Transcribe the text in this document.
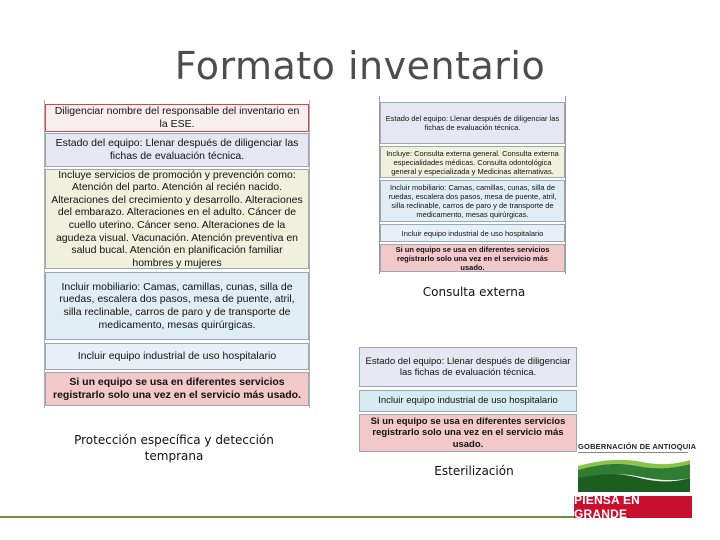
Formato inventario
Diligenciar nombre del responsable del inventario en la ESE.
Estado del equipo: Llenar después de diligenciar las fichas de evaluación técnica.
Incluye servicios de promoción y prevención como: Atención del parto. Atención al recién nacido. Alteraciones del crecimiento y desarrollo. Alteraciones del embarazo. Alteraciones en el adulto. Cáncer de cuello uterino. Cáncer seno. Alteraciones de la agudeza visual. Vacunación. Atención preventiva en salud bucal. Atención en planificación familiar hombres y mujeres
Incluir mobiliario: Camas, camillas, cunas, silla de ruedas, escalera dos pasos, mesa de puente, atril, silla reclinable, carros de paro y de transporte de medicamento, mesas quirúrgicas.
Incluir equipo industrial de uso hospitalario
Si un equipo se usa en diferentes servicios registrarlo solo una vez en el servicio más usado.
Protección específica y detección temprana
Estado del equipo: Llenar después de diligenciar las fichas de evaluación técnica.
Incluye: Consulta externa general. Consulta externa especialidades médicas. Consulta odontológica general y especializada y Medicinas alternativas.
Incluir mobiliario: Camas, camillas, cunas, silla de ruedas, escalera dos pasos, mesa de puente, atril, silla reclinable, carros de paro y de transporte de medicamento, mesas quirúrgicas.
Incluir equipo industrial de uso hospitalario
Si un equipo se usa en diferentes servicios registrarlo solo una vez en el servicio más usado.
Consulta externa
Estado del equipo: Llenar después de diligenciar las fichas de evaluación técnica.
Incluir equipo industrial de uso hospitalario
Si un equipo se usa en diferentes servicios registrarlo solo una vez en el servicio más usado.
Esterilización
GOBERNACIÓN DE ANTIOQUIA
PIENSA EN GRANDE
